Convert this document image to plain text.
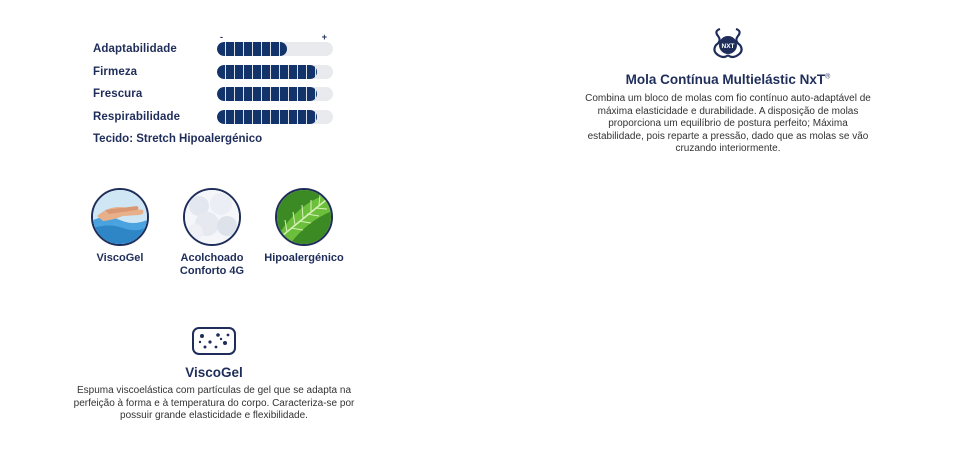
-	+
Adaptabilidade
Firmeza
Frescura
Respirabilidade
Tecido: Stretch Hipoalergénico
ViscoGel	Acolchoado
Conforto 4G
Hipoalergénico
ViscoGel
Espuma viscoelástica com partículas de gel que se adapta na perfeição à forma e à temperatura do corpo. Caracteriza-se por possuir grande elasticidade e flexibilidade.
NXT
Mola Contínua Multielástic NxT®
Combina um bloco de molas com fio contínuo auto-adaptável de máxima elasticidade e durabilidade. A disposição de molas proporciona um equilíbrio de postura perfeito; Máxima estabilidade, pois reparte a pressão, dado que as molas se vão cruzando interiormente.
